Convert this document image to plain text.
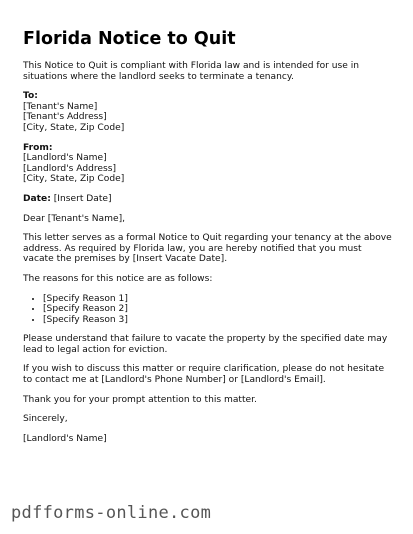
Florida Notice to Quit

This Notice to Quit is compliant with Florida law and is intended for use in situations where the landlord seeks to terminate a tenancy.

To:
[Tenant's Name]
[Tenant's Address]
[City, State, Zip Code]
From:
[Landlord's Name]
[Landlord's Address]
[City, State, Zip Code]

Date: [Insert Date]

Dear [Tenant's Name],

This letter serves as a formal Notice to Quit regarding your tenancy at the above address. As required by Florida law, you are hereby notified that you must vacate the premises by [Insert Vacate Date].

The reasons for this notice are as follows:

• [Specify Reason 1]
• [Specify Reason 2]
• [Specify Reason 3]

Please understand that failure to vacate the property by the specified date may lead to legal action for eviction.

If you wish to discuss this matter or require clarification, please do not hesitate to contact me at [Landlord's Phone Number] or [Landlord's Email].

Thank you for your prompt attention to this matter.

Sincerely,

[Landlord's Name]

pdfforms-online.com
